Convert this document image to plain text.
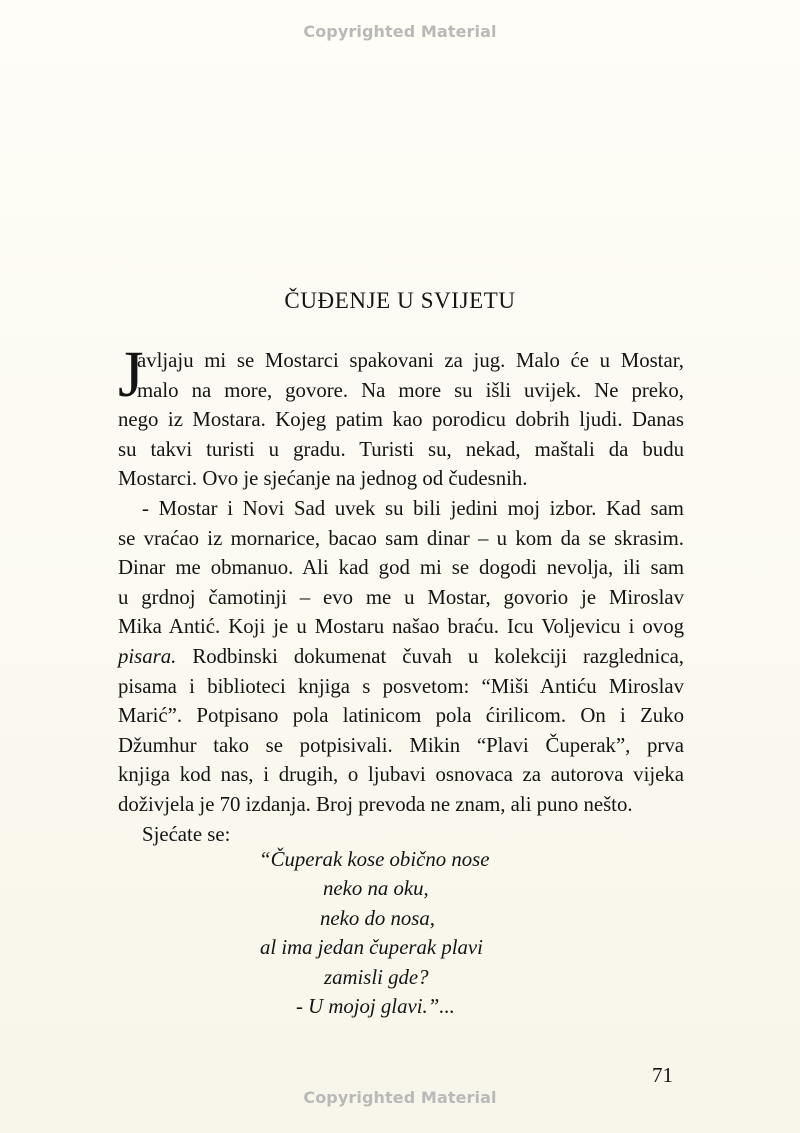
Copyrighted Material
ČUĐENJE U SVIJETU
J
avljaju mi se Mostarci spakovani za jug. Malo će u Mostar,
malo na more, govore. Na more su išli uvijek. Ne preko,
nego iz Mostara. Kojeg patim kao porodicu dobrih ljudi. Danas
su takvi turisti u gradu. Turisti su, nekad, maštali da budu
Mostarci. Ovo je sjećanje na jednog od čudesnih.
- Mostar i Novi Sad uvek su bili jedini moj izbor. Kad sam
se vraćao iz mornarice, bacao sam dinar – u kom da se skrasim.
Dinar me obmanuo. Ali kad god mi se dogodi nevolja, ili sam
u grdnoj čamotinji – evo me u Mostar, govorio je Miroslav
Mika Antić. Koji je u Mostaru našao braću. Icu Voljevicu i ovog
pisara. Rodbinski dokumenat čuvah u kolekciji razglednica,
pisama i biblioteci knjiga s posvetom: “Miši Antiću Miroslav
Marić”. Potpisano pola latinicom pola ćirilicom. On i Zuko
Džumhur tako se potpisivali. Mikin “Plavi Čuperak”, prva
knjiga kod nas, i drugih, o ljubavi osnovaca za autorova vijeka
doživjela je 70 izdanja. Broj prevoda ne znam, ali puno nešto.
Sjećate se:
“Čuperak kose obično nose
neko na oku,
neko do nosa,
al ima jedan čuperak plavi
zamisli gde?
- U mojoj glavi.”...
71
Copyrighted Material
